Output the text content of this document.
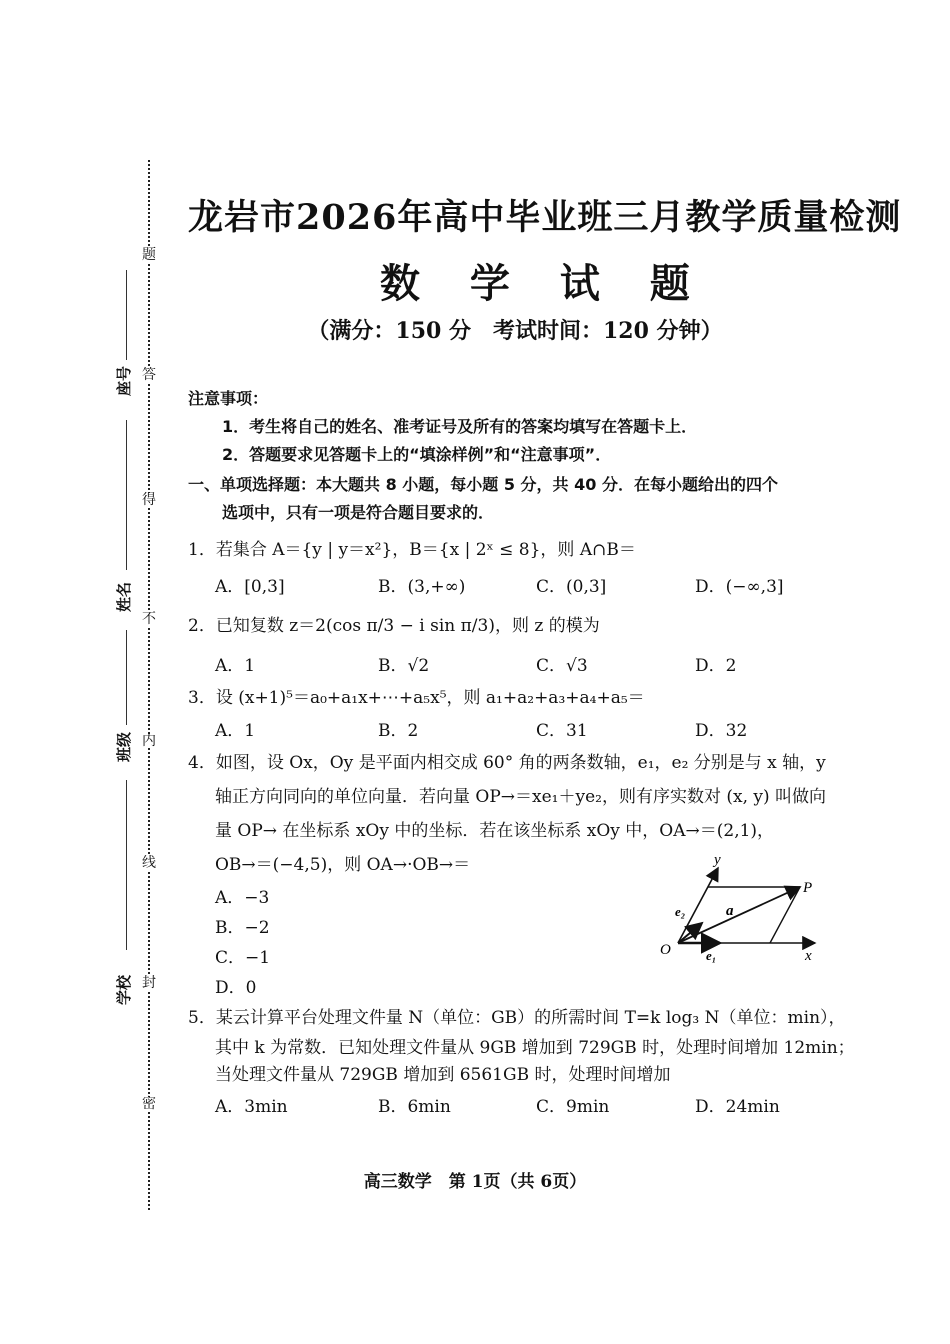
题
答
得
不
内
线
封
密
座号
姓名
班级
学校
龙岩市2026年高中毕业班三月教学质量检测
数 学 试 题
（满分：150 分　考试时间：120 分钟）
注意事项：
1．考生将自己的姓名、准考证号及所有的答案均填写在答题卡上．
2．答题要求见答题卡上的“填涂样例”和“注意事项”．
一、单项选择题：本大题共 8 小题，每小题 5 分，共 40 分．在每小题给出的四个
选项中，只有一项是符合题目要求的．
1．若集合 A＝{y | y＝x²}，B＝{x | 2ˣ ≤ 8}，则 A∩B＝
A．[0,3]	B．(3,+∞)	C．(0,3]	D．(−∞,3]
2．已知复数 z＝2(cos π/3 − i sin π/3)，则 z 的模为
A．1	B．√2	C．√3	D．2
3．设 (x+1)⁵＝a₀+a₁x+⋯+a₅x⁵，则 a₁+a₂+a₃+a₄+a₅＝
A．1	B．2	C．31	D．32
4．如图，设 Ox，Oy 是平面内相交成 60° 角的两条数轴，e₁，e₂ 分别是与 x 轴，y
轴正方向同向的单位向量．若向量 OP→＝xe₁＋ye₂，则有序实数对 (x, y) 叫做向
量 OP→ 在坐标系 xOy 中的坐标．若在该坐标系 xOy 中，OA→＝(2,1)，
OB→＝(−4,5)，则 OA→·OB→＝
A．−3
B．−2
C．−1
D．0
y
x
O
P
a
e₂
e₁
5．某云计算平台处理文件量 N（单位：GB）的所需时间 T=k log₃ N（单位：min），
其中 k 为常数．已知处理文件量从 9GB 增加到 729GB 时，处理时间增加 12min；
当处理文件量从 729GB 增加到 6561GB 时，处理时间增加
A．3min	B．6min	C．9min	D．24min
高三数学　第 1页（共 6页）
